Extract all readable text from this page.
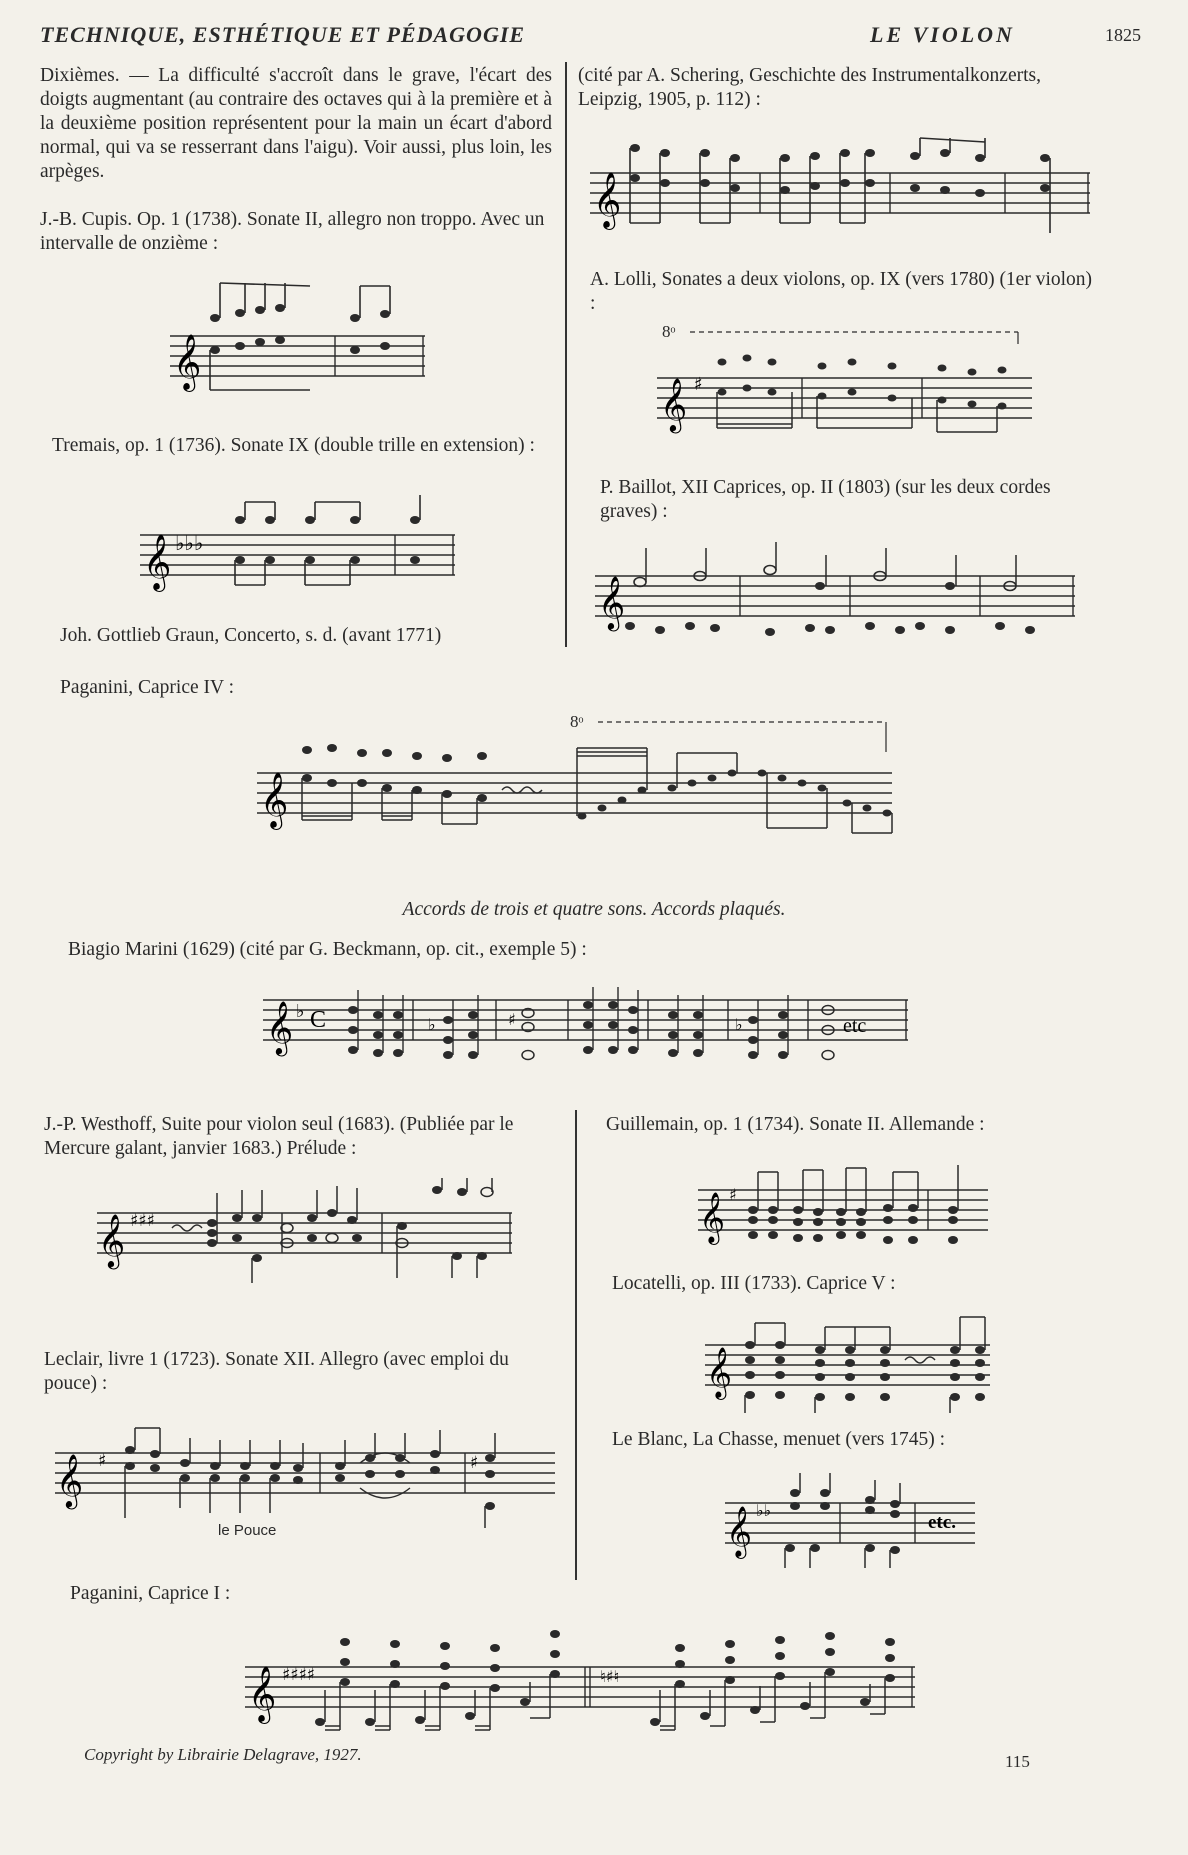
TECHNIQUE, ESTHÉTIQUE ET PÉDAGOGIE	LE VIOLON	1825
Dixièmes. — La difficulté s'accroît dans le grave, l'écart des doigts augmentant (au contraire des octaves qui à la première et à la deuxième position représentent pour la main un écart d'abord normal, qui va se resserrant dans l'aigu). Voir aussi, plus loin, les arpèges.
J.-B. Cupis. Op. 1 (1738). Sonate II, allegro non troppo. Avec un intervalle de onzième :
𝄞
Tremais, op. 1 (1736). Sonate IX (double trille en extension) :
𝄞 ♭♭♭
Joh. Gottlieb Graun, Concerto, s. d. (avant 1771)
(cité par A. Schering, Geschichte des Instrumentalkonzerts, Leipzig, 1905, p. 112) :
𝄞
A. Lolli, Sonates a deux violons, op. IX (vers 1780) (1er violon) :
8ᵒ
𝄞 ♯
P. Baillot, XII Caprices, op. II (1803) (sur les deux cordes graves) :
𝄞
Paganini, Caprice IV :
8ᵒ
𝄞
Accords de trois et quatre sons. Accords plaqués.
Biagio Marini (1629) (cité par G. Beckmann, op. cit., exemple 5) :
𝄞 ♭ C	♯
♭	♭	etc
J.-P. Westhoff, Suite pour violon seul (1683). (Publiée par le Mercure galant, janvier 1683.) Prélude :
𝄞 ♯♯♯
Leclair, livre 1 (1723). Sonate XII. Allegro (avec emploi du pouce) :
𝄞 ♯	♯
le Pouce
Guillemain, op. 1 (1734). Sonate II. Allemande :
𝄞 ♯
Locatelli, op. III (1733). Caprice V :
𝄞
Le Blanc, La Chasse, menuet (vers 1745) :
𝄞 ♭♭
etc.
Paganini, Caprice I :
𝄞 ♯♯♯♯	♮♯♮
Copyright by Librairie Delagrave, 1927.	115
